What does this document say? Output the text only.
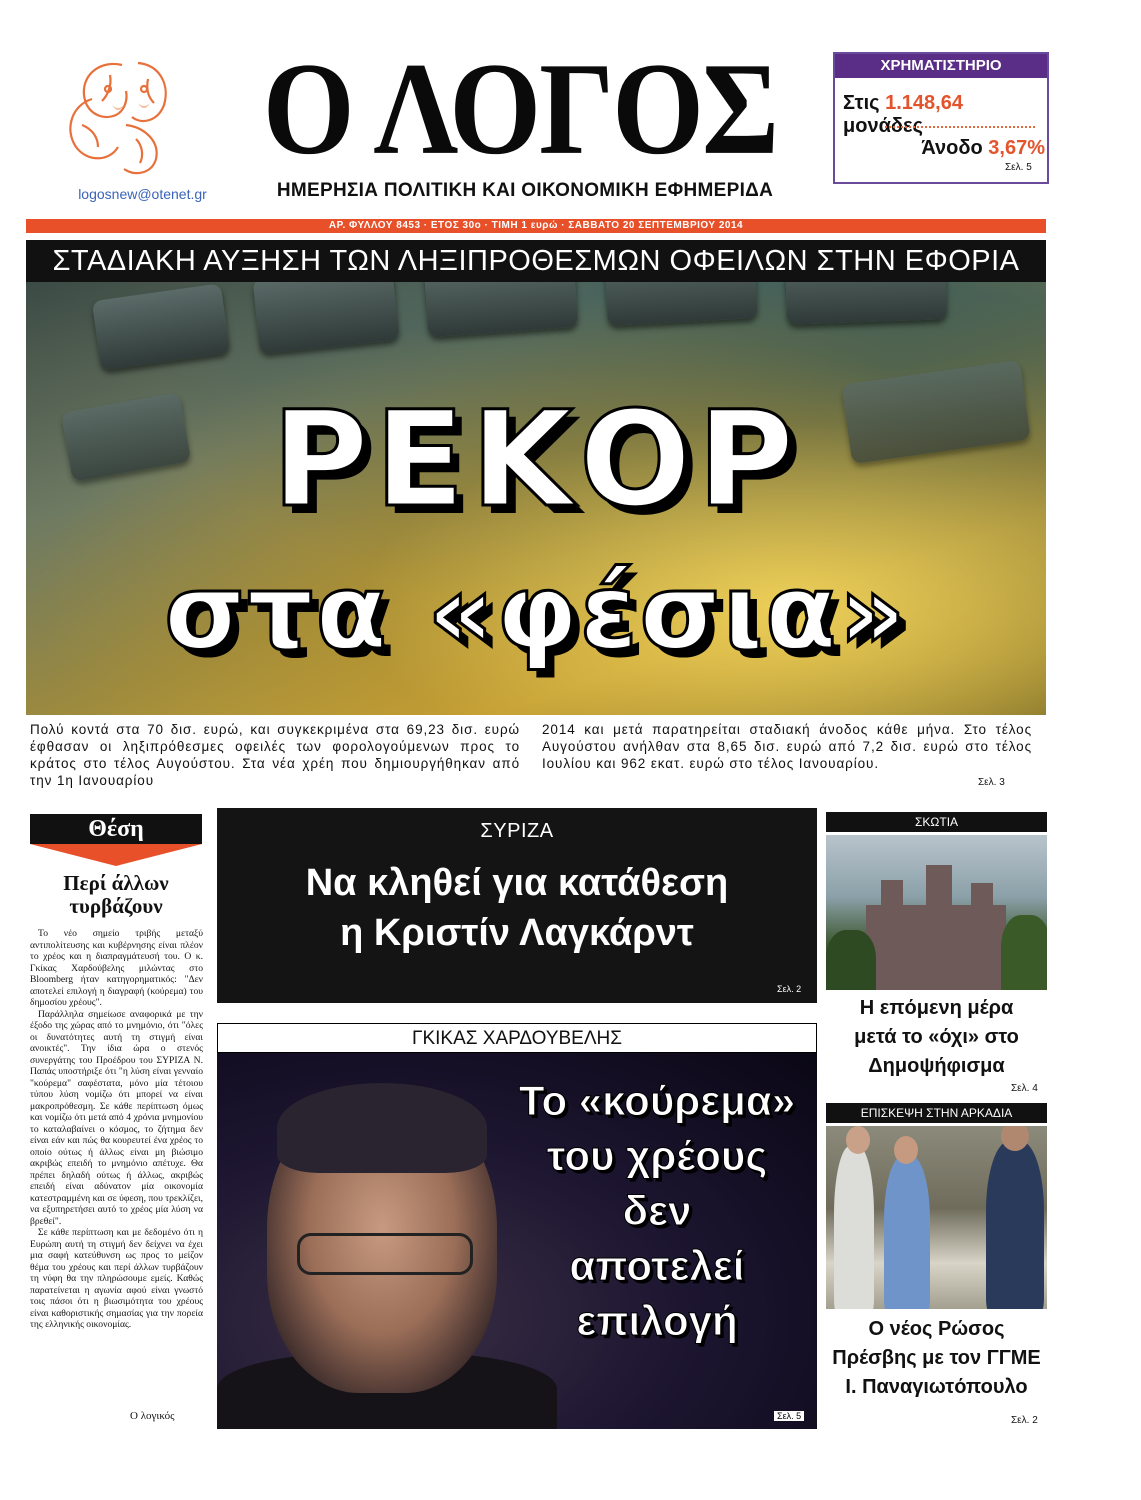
logosnew@otenet.gr
Ο ΛΟΓΟΣ
ΗΜΕΡΗΣΙΑ ΠΟΛΙΤΙΚΗ ΚΑΙ ΟΙΚΟΝΟΜΙΚΗ ΕΦΗΜΕΡΙΔΑ
ΧΡΗΜΑΤΙΣΤΗΡΙΟ
Στις 1.148,64 μονάδες
Άνοδο 3,67%
Σελ. 5
ΑΡ. ΦΥΛΛΟΥ 8453 · ΕΤΟΣ 30ο · ΤΙΜΗ 1 ευρώ · ΣΑΒΒΑΤΟ 20 ΣΕΠΤΕΜΒΡΙΟΥ 2014
ΣΤΑΔΙΑΚΗ ΑΥΞΗΣΗ ΤΩΝ ΛΗΞΙΠΡΟΘΕΣΜΩΝ ΟΦΕΙΛΩΝ ΣΤΗΝ ΕΦΟΡΙΑ
ΡΕΚΟΡ
στα «φέσια»
Πολύ κοντά στα 70 δισ. ευρώ, και συγκεκριμένα στα 69,23 δισ. ευρώ έφθασαν οι ληξιπρόθεσμες οφειλές των φορολογούμενων προς το κράτος στο τέλος Αυγούστου. Στα νέα χρέη που δημιουργήθηκαν από την 1η Ιανουαρίου
2014 και μετά παρατηρείται σταδιακή άνοδος κάθε μήνα. Στο τέλος Αυγούστου ανήλθαν στα 8,65 δισ. ευρώ από 7,2 δισ. ευρώ στο τέλος Ιουλίου και 962 εκατ. ευρώ στο τέλος Ιανουαρίου.
Σελ. 3
Θέση
Περί άλλων τυρβάζουν

Το νέο σημείο τριβής μεταξύ αντιπολίτευσης και κυβέρνησης είναι πλέον το χρέος και η διαπραγμάτευσή του. Ο κ. Γκίκας Χαρδούβελης μιλώντας στο Bloomberg ήταν κατηγορηματικός: "Δεν αποτελεί επιλογή η διαγραφή (κούρεμα) του δημοσίου χρέους".

Παράλληλα σημείωσε αναφορικά με την έξοδο της χώρας από το μνημόνιο, ότι "όλες οι δυνατότητες αυτή τη στιγμή είναι ανοικτές". Την ίδια ώρα ο στενός συνεργάτης του Προέδρου του ΣΥΡΙΖΑ Ν. Παπάς υποστήριξε ότι "η λύση είναι γενναίο "κούρεμα" σαφέστατα, μόνο μία τέτοιου τύπου λύση νομίζω ότι μπορεί να είναι μακροπρόθεσμη. Σε κάθε περίπτωση όμως και νομίζω ότι μετά από 4 χρόνια μνημονίου το καταλαβαίνει ο κόσμος, το ζήτημα δεν είναι εάν και πώς θα κουρευτεί ένα χρέος το οποίο ούτως ή άλλως είναι μη βιώσιμο ακριβώς επειδή το μνημόνιο απέτυχε. Θα πρέπει δηλαδή ούτως ή άλλως, ακριβώς επειδή είναι αδύνατον μία οικονομία κατεστραμμένη και σε ύφεση, που τρεκλίζει, να εξυπηρετήσει αυτό το χρέος μία λύση να βρεθεί".

Σε κάθε περίπτωση και με δεδομένο ότι η Ευρώπη αυτή τη στιγμή δεν δείχνει να έχει μια σαφή κατεύθυνση ως προς το μείζον θέμα του χρέους και περί άλλων τυρβάζουν τη νύφη θα την πληρώσουμε εμείς. Καθώς παρατείνεται η αγωνία αφού είναι γνωστό τοις πάσοι ότι η βιωσιμότητα του χρέους είναι καθοριστικής σημασίας για την πορεία της ελληνικής οικονομίας.

Ο λογικός
ΣΥΡΙΖΑ
Να κληθεί για κατάθεση
η Κριστίν Λαγκάρντ
Σελ. 2
ΓΚΙΚΑΣ ΧΑΡΔΟΥΒΕΛΗΣ
Το «κούρεμα»
του χρέους
δεν
αποτελεί
επιλογή
Σελ. 5
ΣΚΩΤΙΑ
Η επόμενη μέρα
μετά το «όχι» στο
Δημοψήφισμα
Σελ. 4
ΕΠΙΣΚΕΨΗ ΣΤΗΝ ΑΡΚΑΔΙΑ
Ο νέος Ρώσος
Πρέσβης με τον ΓΓΜΕ
Ι. Παναγιωτόπουλο
Σελ. 2
